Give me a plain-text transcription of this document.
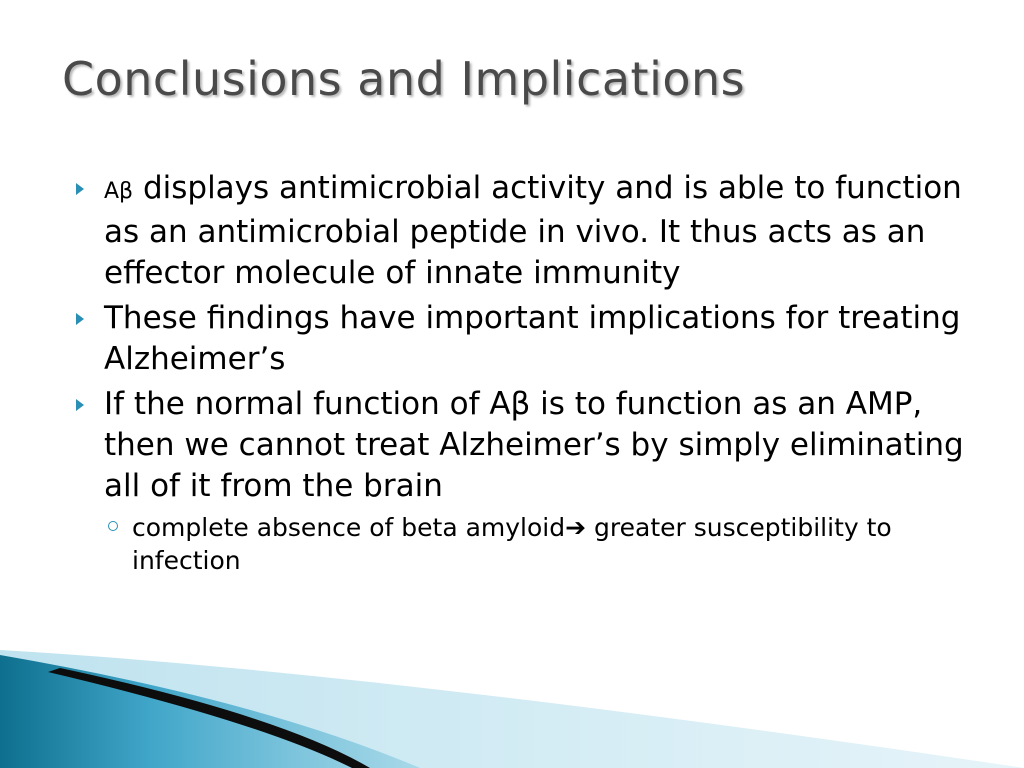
Conclusions and Implications
Aβ displays antimicrobial activity and is able to function as an antimicrobial peptide in vivo. It thus acts as an effector molecule of innate immunity
These findings have important implications for treating Alzheimer’s
If the normal function of Aβ is to function as an AMP, then we cannot treat Alzheimer’s by simply eliminating all of it from the brain
complete absence of beta amyloid➔ greater susceptibility to infection
